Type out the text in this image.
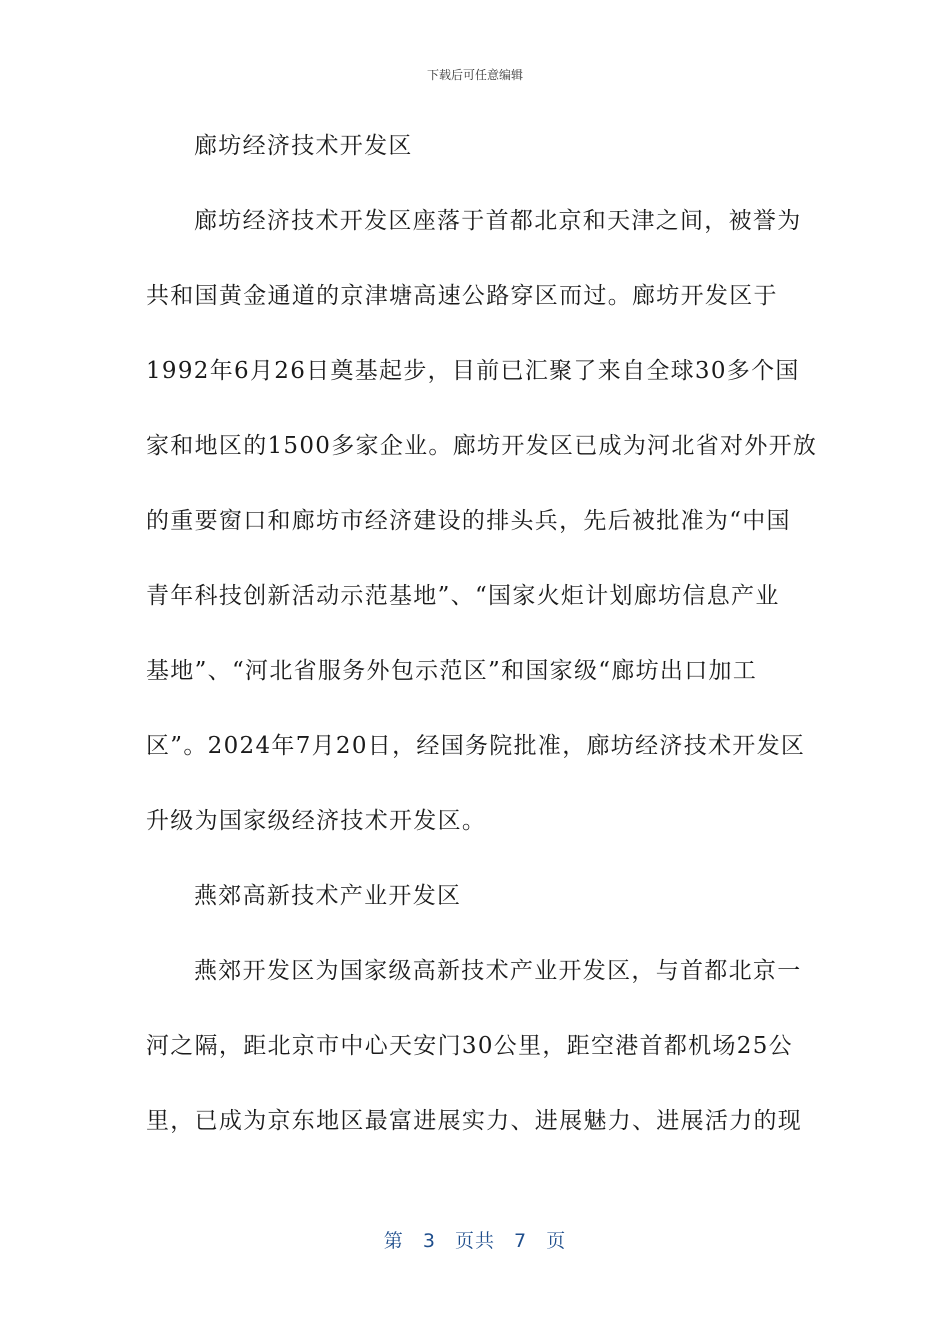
下载后可任意编辑
廊坊经济技术开发区
廊坊经济技术开发区座落于首都北京和天津之间，被誉为
共和国黄金通道的京津塘高速公路穿区而过。廊坊开发区于
1992年6月26日奠基起步，目前已汇聚了来自全球30多个国
家和地区的1500多家企业。廊坊开发区已成为河北省对外开放
的重要窗口和廊坊市经济建设的排头兵，先后被批准为“中国
青年科技创新活动示范基地”、“国家火炬计划廊坊信息产业
基地”、“河北省服务外包示范区”和国家级“廊坊出口加工
区”。2024年7月20日，经国务院批准，廊坊经济技术开发区
升级为国家级经济技术开发区。
燕郊高新技术产业开发区
燕郊开发区为国家级高新技术产业开发区，与首都北京一
河之隔，距北京市中心天安门30公里，距空港首都机场25公
里，已成为京东地区最富进展实力、进展魅力、进展活力的现
第 3 页共 7 页
